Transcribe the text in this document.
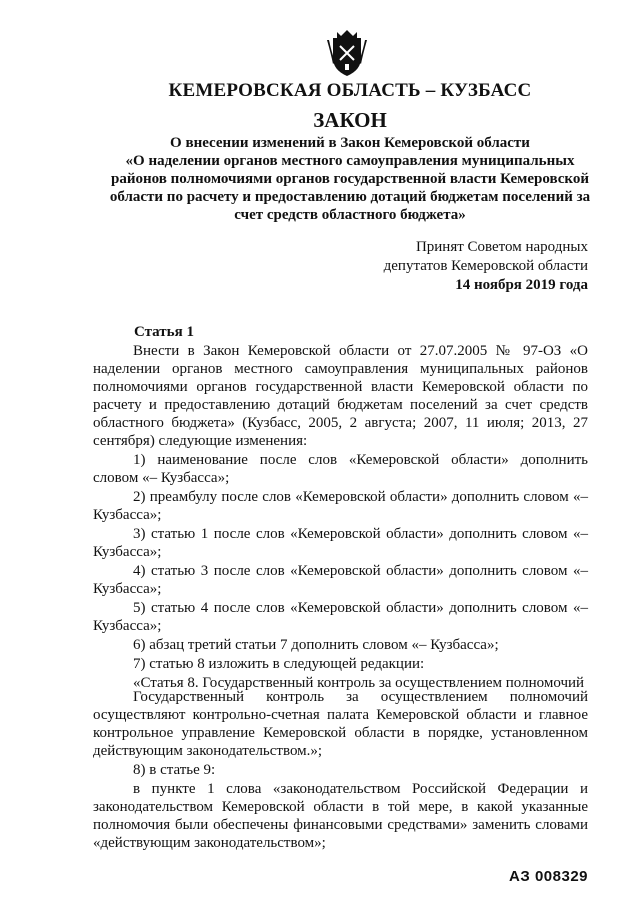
КЕМЕРОВСКАЯ ОБЛАСТЬ – КУЗБАСС
ЗАКОН
О внесении изменений в Закон Кемеровской области
«О наделении органов местного самоуправления муниципальных
районов полномочиями органов государственной власти Кемеровской
области по расчету и предоставлению дотаций бюджетам поселений за
счет средств областного бюджета»
Принят Советом народных
депутатов Кемеровской области
14 ноября 2019 года
Статья 1

Внести в Закон Кемеровской области от 27.07.2005 № 97-ОЗ «О наделении органов местного самоуправления муниципальных районов полномочиями органов государственной власти Кемеровской области по расчету и предоставлению дотаций бюджетам поселений за счет средств областного бюджета» (Кузбасс, 2005, 2 августа; 2007, 11 июля; 2013, 27 сентября) следующие изменения:

1) наименование после слов «Кемеровской области» дополнить словом «– Кузбасса»;

2) преамбулу после слов «Кемеровской области» дополнить словом «– Кузбасса»;

3) статью 1 после слов «Кемеровской области» дополнить словом «– Кузбасса»;

4) статью 3 после слов «Кемеровской области» дополнить словом «– Кузбасса»;

5) статью 4 после слов «Кемеровской области» дополнить словом «– Кузбасса»;

6) абзац третий статьи 7 дополнить словом «– Кузбасса»;

7) статью 8 изложить в следующей редакции:

«Статья 8. Государственный контроль за осуществлением полномочий

Государственный контроль за осуществлением полномочий осуществляют контрольно-счетная палата Кемеровской области и главное контрольное управление Кемеровской области в порядке, установленном действующим законодательством.»;

8) в статье 9:

в пункте 1 слова «законодательством Российской Федерации и законодательством Кемеровской области в той мере, в какой указанные полномочия были обеспечены финансовыми средствами» заменить словами «действующим законодательством»;

АЗ 008329
